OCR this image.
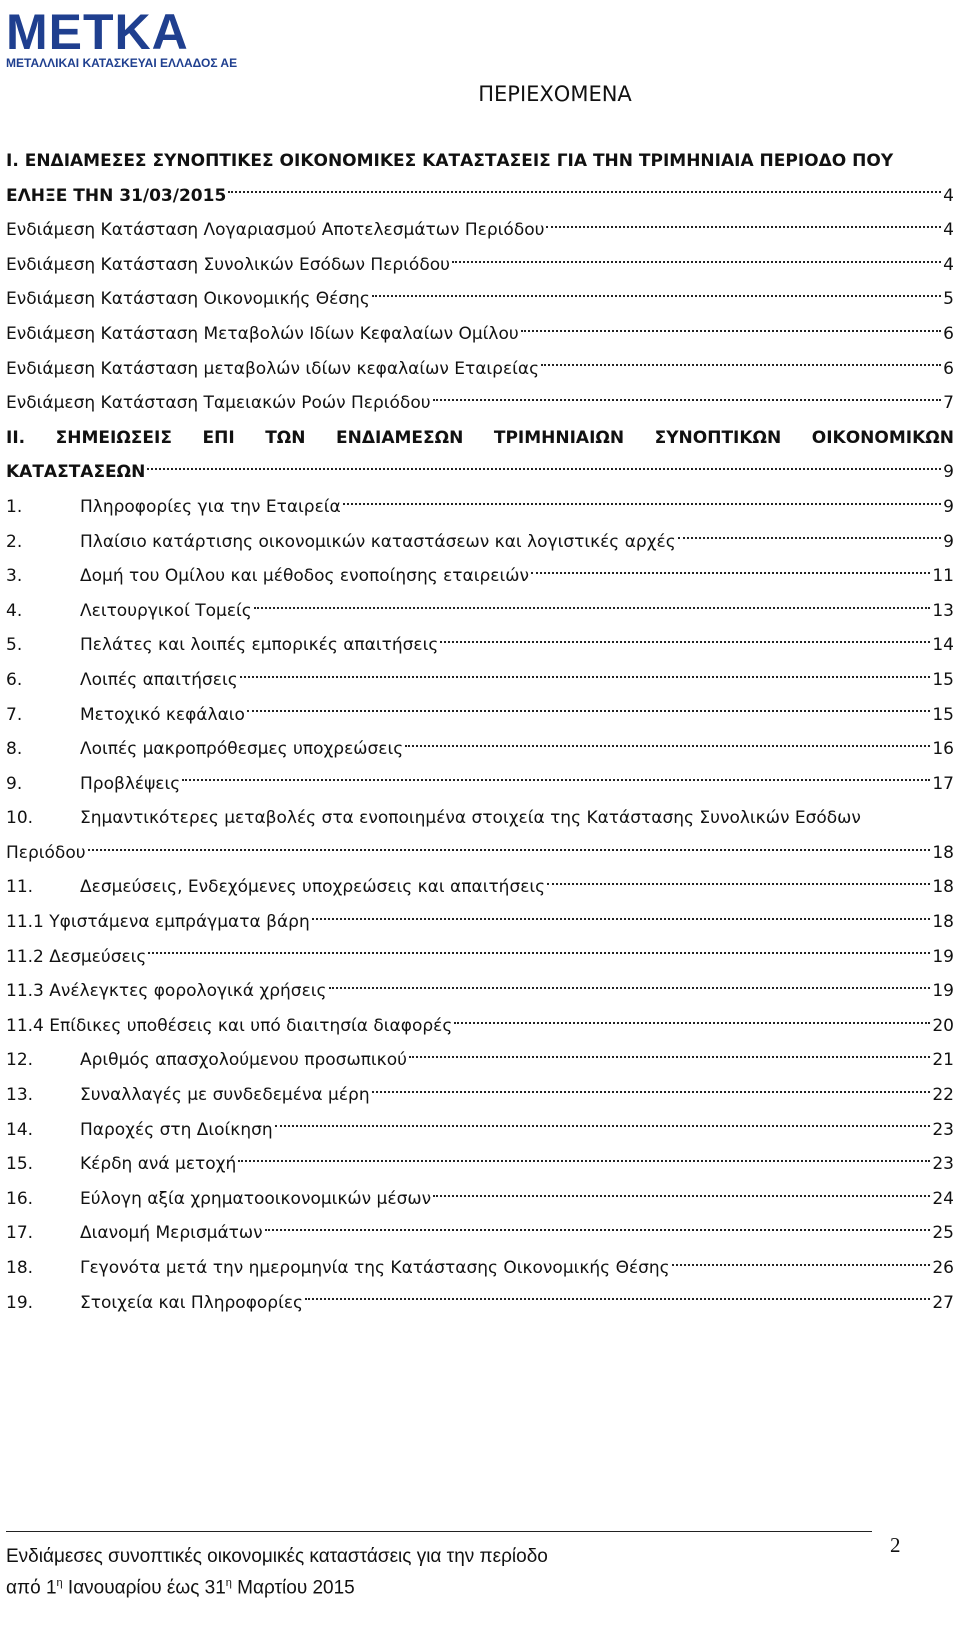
METKA
ΜΕΤΑΛΛΙΚΑΙ ΚΑΤΑΣΚΕΥΑΙ ΕΛΛΑΔΟΣ ΑΕ
ΠΕΡΙΕΧΟΜΕΝΑ
I. ΕΝΔΙΑΜΕΣΕΣ ΣΥΝΟΠΤΙΚΕΣ ΟΙΚΟΝΟΜΙΚΕΣ ΚΑΤΑΣΤΑΣΕΙΣ ΓΙΑ ΤΗΝ ΤΡΙΜΗΝΙΑΙΑ ΠΕΡΙΟΔΟ ΠΟΥ
ΕΛΗΞΕ ΤΗΝ 31/03/2015	4
Ενδιάμεση Κατάσταση Λογαριασμού Αποτελεσμάτων Περιόδου	4
Ενδιάμεση Κατάσταση Συνολικών Εσόδων Περιόδου	4
Ενδιάμεση Κατάσταση Οικονομικής Θέσης	5
Ενδιάμεση Κατάσταση Μεταβολών Ιδίων Κεφαλαίων Ομίλου	6
Ενδιάμεση Κατάσταση μεταβολών ιδίων κεφαλαίων Εταιρείας	6
Ενδιάμεση Κατάσταση Ταμειακών Ροών Περιόδου	7
II. ΣΗΜΕΙΩΣΕΙΣ ΕΠΙ ΤΩΝ ΕΝΔΙΑΜΕΣΩΝ ΤΡΙΜΗΝΙΑΙΩΝ ΣΥΝΟΠΤΙΚΩΝ ΟΙΚΟΝΟΜΙΚΩΝ
ΚΑΤΑΣΤΑΣΕΩΝ	9
1.	Πληροφορίες για την Εταιρεία	9
2.	Πλαίσιο κατάρτισης οικονομικών καταστάσεων και λογιστικές αρχές	9
3.	Δομή του Ομίλου και μέθοδος ενοποίησης εταιρειών	11
4.	Λειτουργικοί Τομείς	13
5.	Πελάτες και λοιπές εμπορικές απαιτήσεις	14
6.	Λοιπές απαιτήσεις	15
7.	Μετοχικό κεφάλαιο	15
8.	Λοιπές μακροπρόθεσμες υποχρεώσεις	16
9.	Προβλέψεις	17
10.	Σημαντικότερες μεταβολές στα ενοποιημένα στοιχεία της Κατάστασης Συνολικών Εσόδων
Περιόδου	18
11.	Δεσμεύσεις, Ενδεχόμενες υποχρεώσεις και απαιτήσεις	18
11.1 Υφιστάμενα εμπράγματα βάρη	18
11.2 Δεσμεύσεις	19
11.3 Ανέλεγκτες φορολογικά χρήσεις	19
11.4 Επίδικες υποθέσεις και υπό διαιτησία διαφορές	20
12.	Αριθμός απασχολούμενου προσωπικού	21
13.	Συναλλαγές με συνδεδεμένα μέρη	22
14.	Παροχές στη Διοίκηση	23
15.	Κέρδη ανά μετοχή	23
16.	Εύλογη αξία χρηματοοικονομικών μέσων	24
17.	Διανομή Μερισμάτων	25
18.	Γεγονότα μετά την ημερομηνία της Κατάστασης Οικονομικής Θέσης	26
19.	Στοιχεία και Πληροφορίες	27
Ενδιάμεσες συνοπτικές οικονομικές καταστάσεις για την περίοδο
από $1^\eta$ Ιανουαρίου έως $31^\eta$ Μαρτίου 2015
2
